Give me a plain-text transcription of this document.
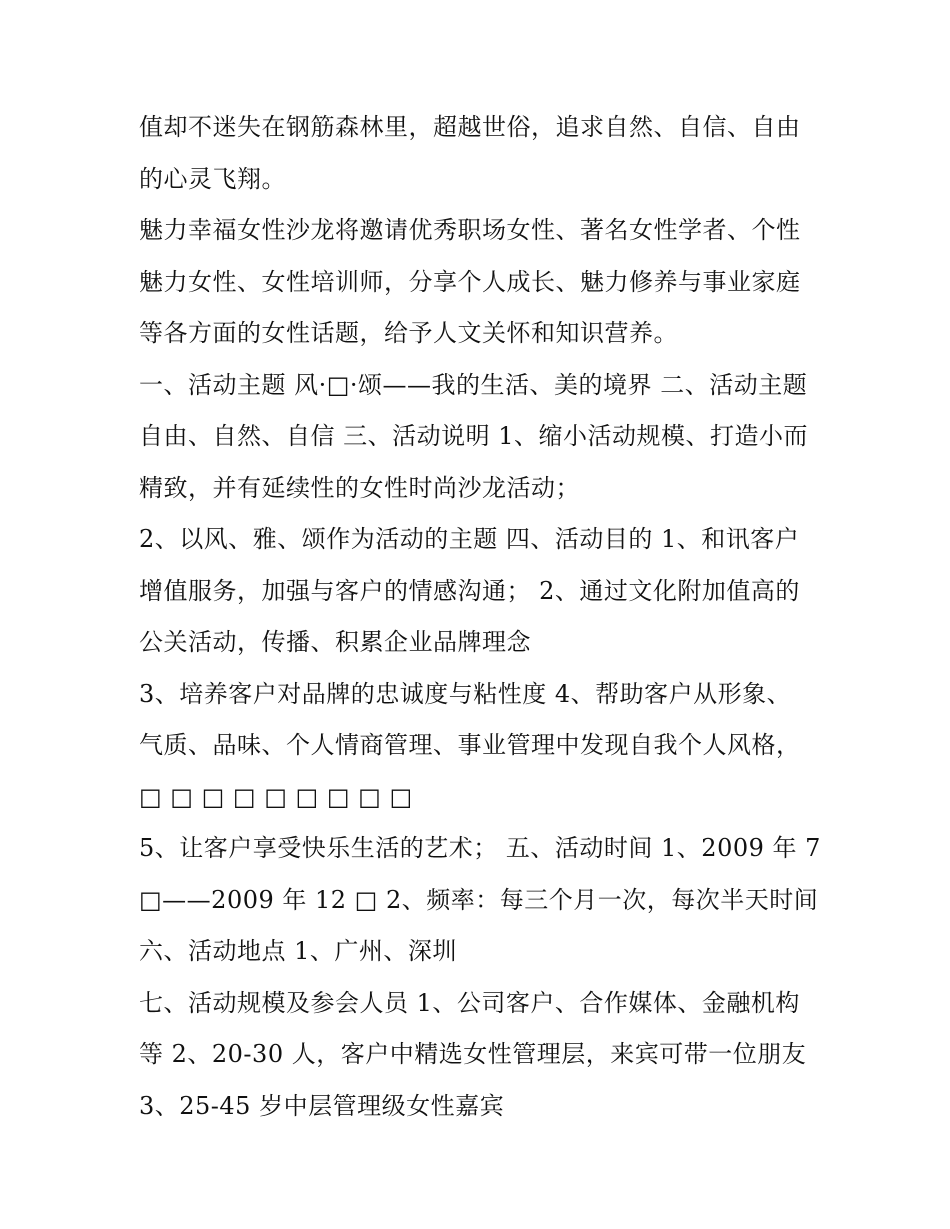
值却不迷失在钢筋森林里，超越世俗，追求自然、自信、自由
的心灵飞翔。
魅力幸福女性沙龙将邀请优秀职场女性、著名女性学者、个性
魅力女性、女性培训师，分享个人成长、魅力修养与事业家庭
等各方面的女性话题，给予人文关怀和知识营养。
一、活动主题 风·□·颂——我的生活、美的境界 二、活动主题
自由、自然、自信 三、活动说明 1、缩小活动规模、打造小而
精致，并有延续性的女性时尚沙龙活动；
2、以风、雅、颂作为活动的主题 四、活动目的 1、和讯客户
增值服务，加强与客户的情感沟通； 2、通过文化附加值高的
公关活动，传播、积累企业品牌理念
3、培养客户对品牌的忠诚度与粘性度 4、帮助客户从形象、
气质、品味、个人情商管理、事业管理中发现自我个人风格，
□ □ □ □ □ □ □ □ □
5、让客户享受快乐生活的艺术； 五、活动时间 1、2009 年 7
□——2009 年 12 □ 2、频率：每三个月一次，每次半天时间
六、活动地点 1、广州、深圳
七、活动规模及参会人员 1、公司客户、合作媒体、金融机构
等 2、20-30 人，客户中精选女性管理层，来宾可带一位朋友
3、25-45 岁中层管理级女性嘉宾
